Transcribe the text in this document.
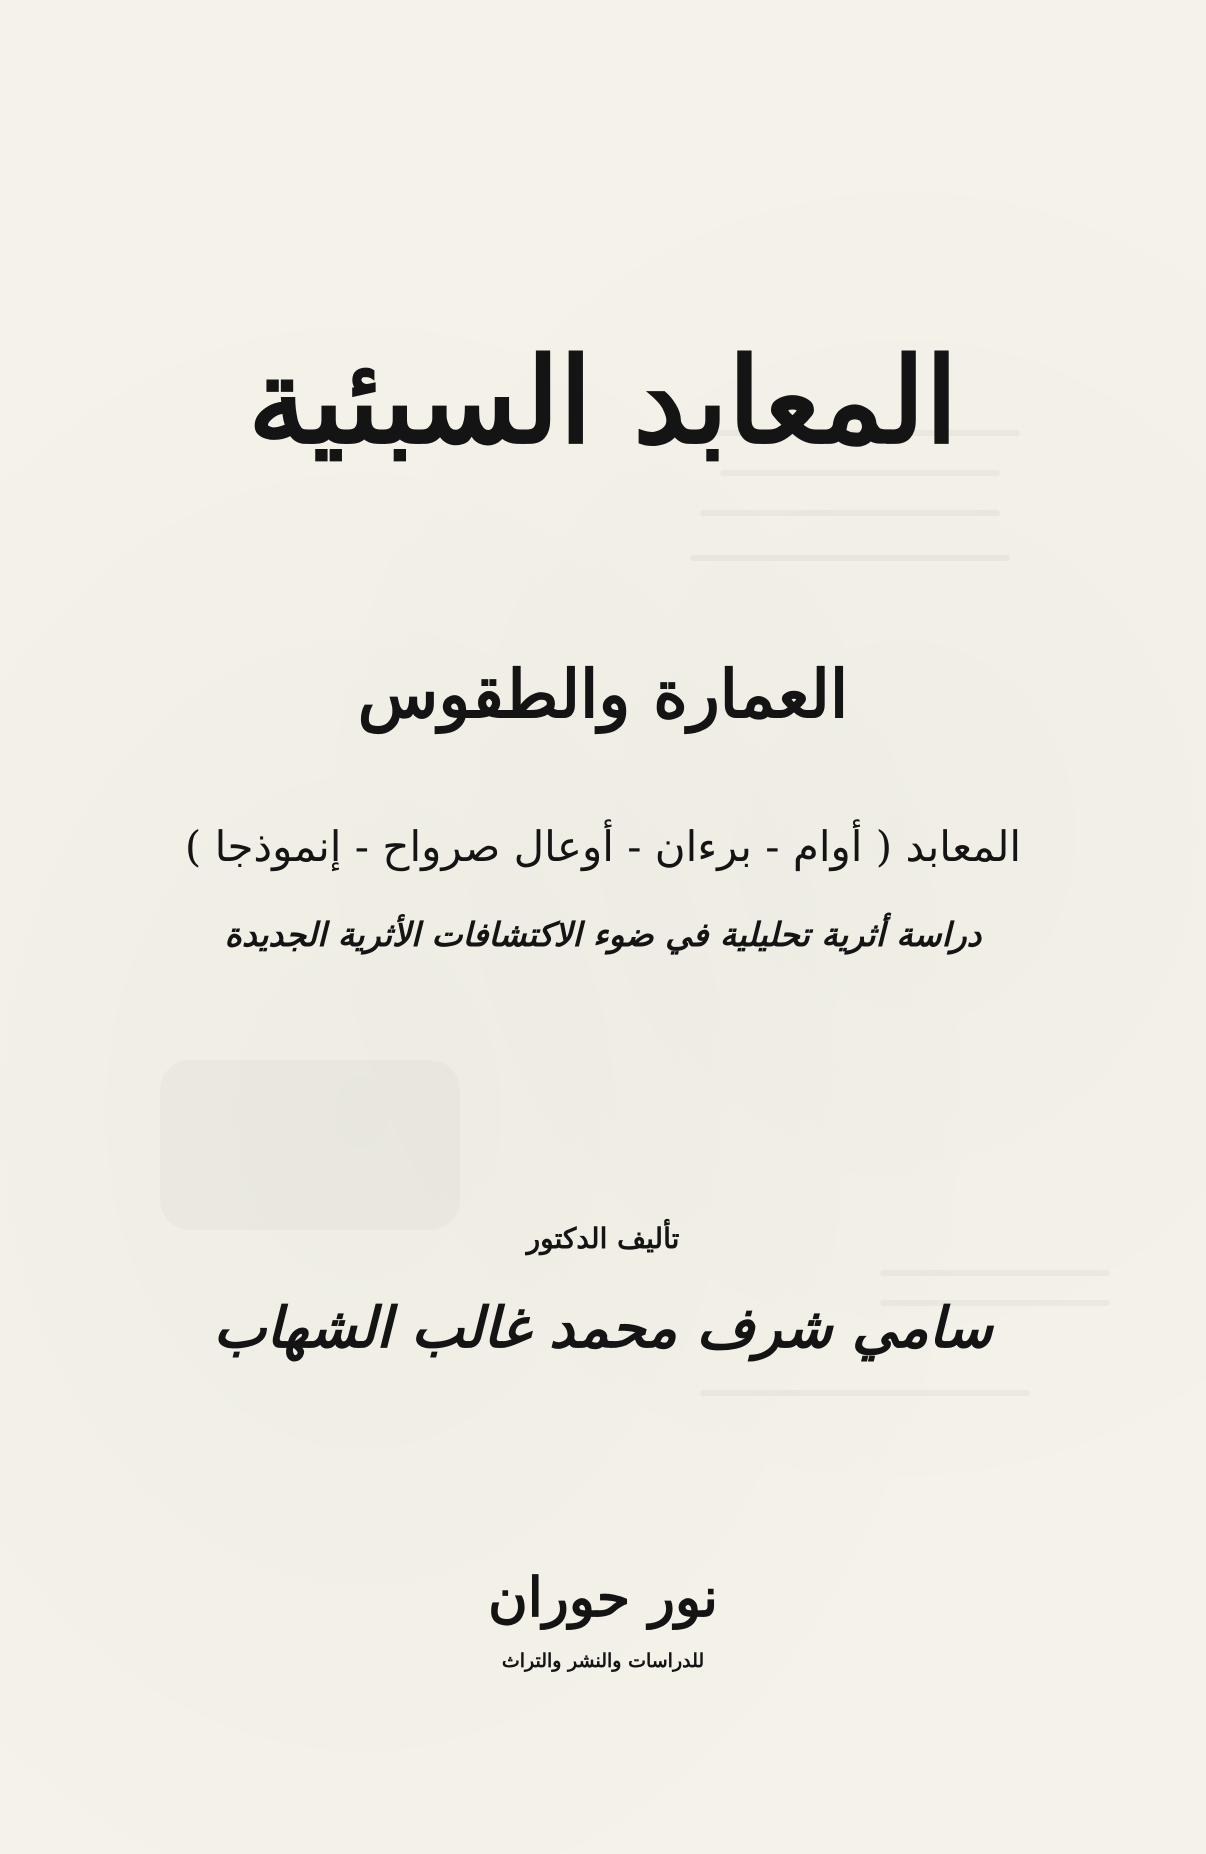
المعابد السبئية
العمارة والطقوس
المعابد ( أوام - برءان - أوعال صرواح - إنموذجا )
دراسة أثرية تحليلية في ضوء الاكتشافات الأثرية الجديدة
تأليف الدكتور
سامي شرف محمد غالب الشهاب
نور حوران
للدراسات والنشر والتراث
